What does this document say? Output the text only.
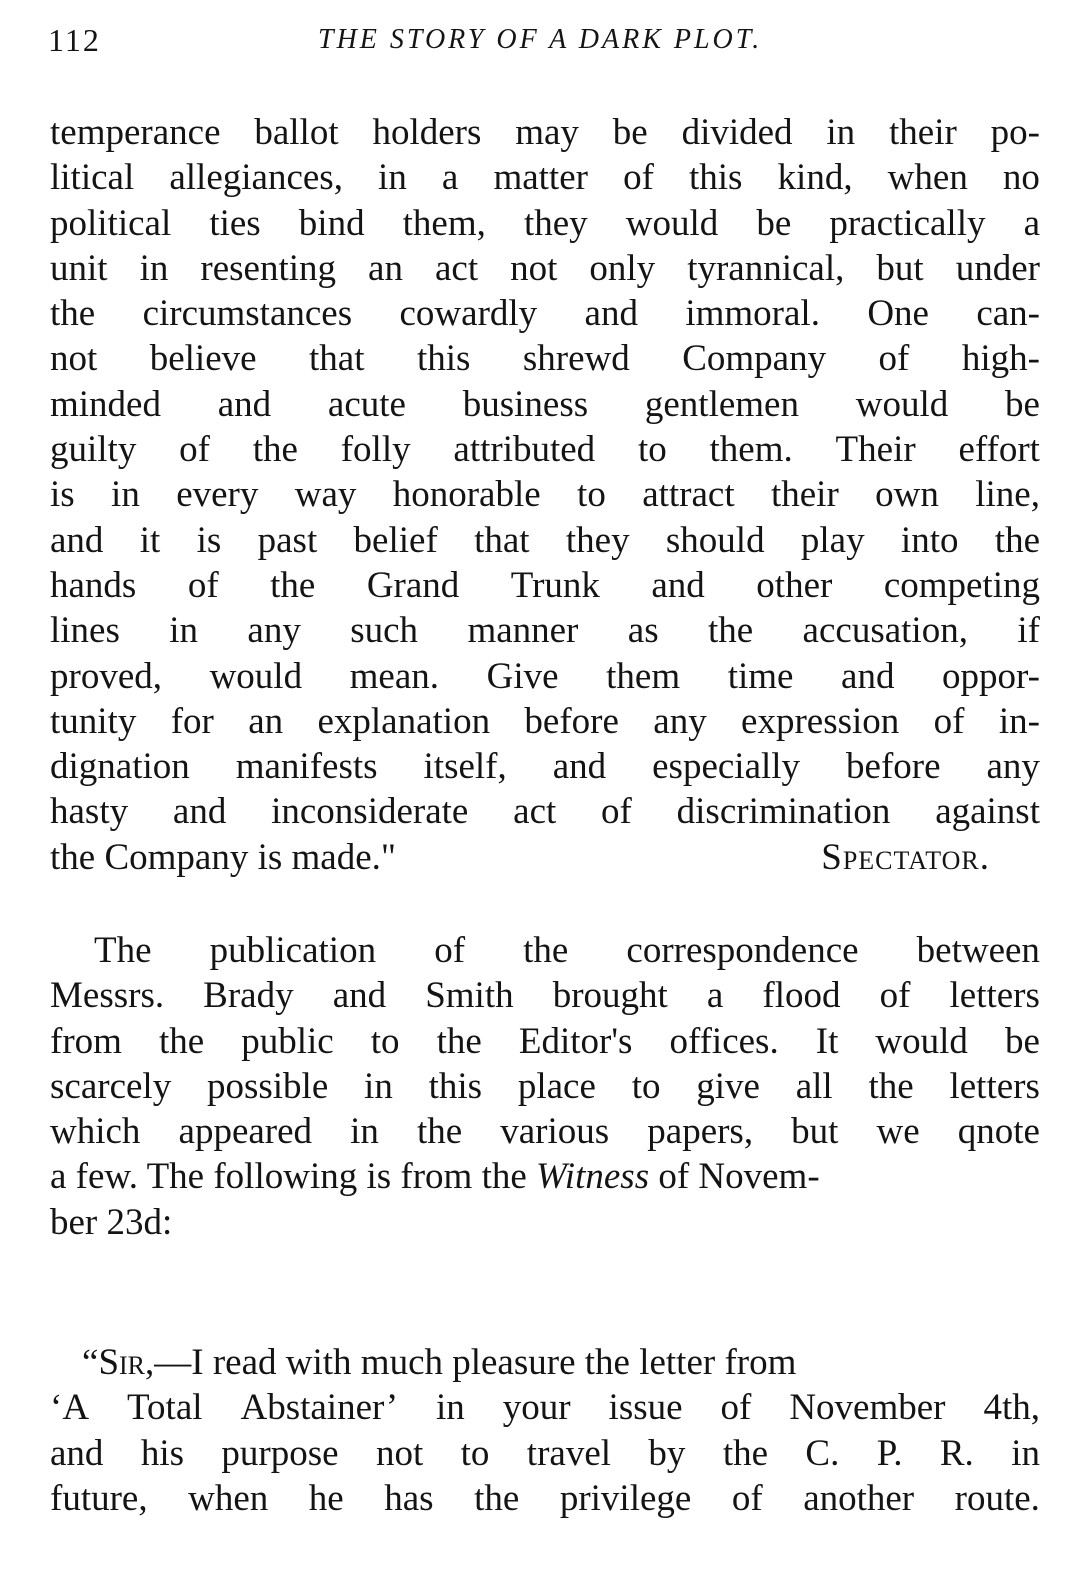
112	THE STORY OF A DARK PLOT.
temperance ballot holders may be divided in their po-
litical allegiances, in a matter of this kind, when no
political ties bind them, they would be practically a
unit in resenting an act not only tyrannical, but under
the circumstances cowardly and immoral. One can-
not believe that this shrewd Company of high-
minded and acute business gentlemen would be
guilty of the folly attributed to them. Their effort
is in every way honorable to attract their own line,
and it is past belief that they should play into the
hands of the Grand Trunk and other competing
lines in any such manner as the accusation, if
proved, would mean. Give them time and oppor-
tunity for an explanation before any expression of in-
dignation manifests itself, and especially before any
hasty and inconsiderate act of discrimination against
the Company is made."	Spectator.
The publication of the correspondence between
Messrs. Brady and Smith brought a flood of letters
from the public to the Editor's offices. It would be
scarcely possible in this place to give all the letters
which appeared in the various papers, but we qnote
a few. The following is from the Witness of Novem-
ber 23d:
“ Sir, —I read with much pleasure the letter from
‘A Total Abstainer’ in your issue of November 4th,
and his purpose not to travel by the C. P. R. in
future, when he has the privilege of another route.
